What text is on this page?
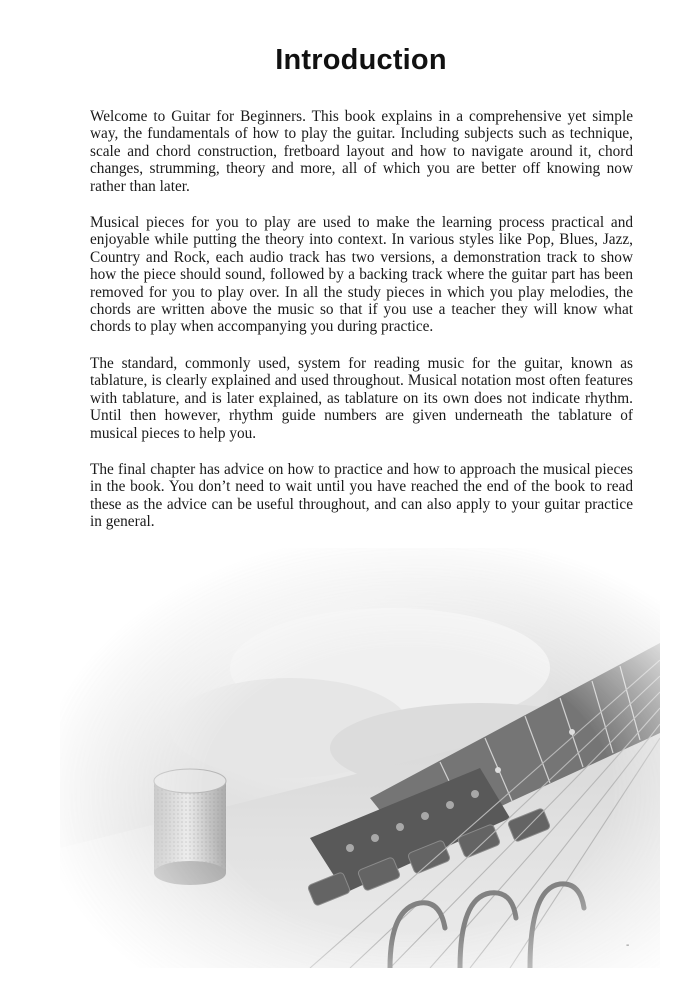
Introduction

Welcome to Guitar for Beginners. This book explains in a comprehensive yet simple way, the fundamentals of how to play the guitar. Including subjects such as technique, scale and chord construction, fretboard layout and how to navigate around it, chord changes, strumming, theory and more, all of which you are better off knowing now rather than later.

Musical pieces for you to play are used to make the learning process practical and enjoyable while putting the theory into context. In various styles like Pop, Blues, Jazz, Country and Rock, each audio track has two versions, a demonstration track to show how the piece should sound, followed by a backing track where the guitar part has been removed for you to play over. In all the study pieces in which you play melodies, the chords are written above the music so that if you use a teacher they will know what chords to play when accompanying you during practice.

The standard, commonly used, system for reading music for the guitar, known as tablature, is clearly explained and used throughout. Musical notation most often features with tablature, and is later explained, as tablature on its own does not indicate rhythm. Until then however, rhythm guide numbers are given underneath the tablature of musical pieces to help you.

The final chapter has advice on how to practice and how to approach the musical pieces in the book. You don’t need to wait until you have reached the end of the book to read these as the advice can be useful throughout, and can also apply to your guitar practice in general.

-
